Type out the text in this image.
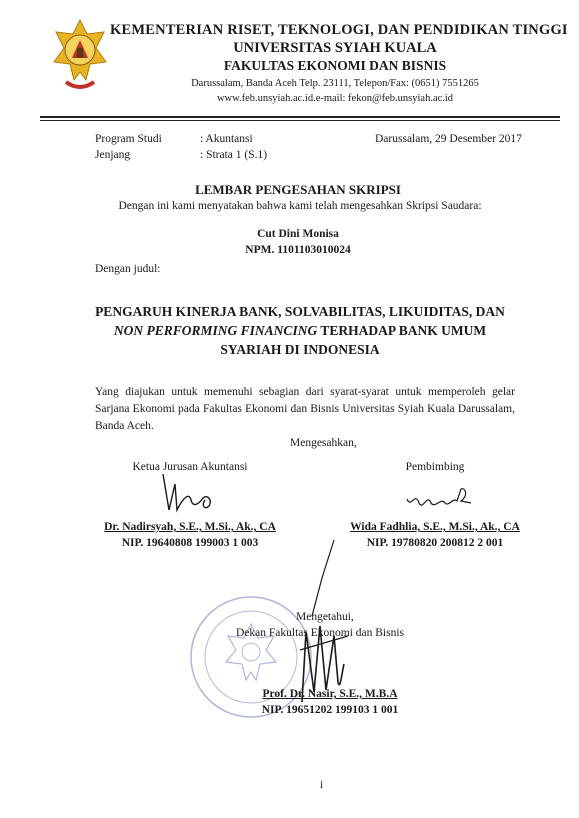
KEMENTERIAN RISET, TEKNOLOGI, DAN PENDIDIKAN TINGGI
UNIVERSITAS SYIAH KUALA
FAKULTAS EKONOMI DAN BISNIS
Darussalam, Banda Aceh Telp. 23111, Telepon/Fax: (0651) 7551265
www.feb.unsyiah.ac.id.e-mail: fekon@feb.unsyiah.ac.id
Program Studi	: Akuntansi
Jenjang	: Strata 1 (S.1)
Darussalam, 29 Desember 2017
LEMBAR PENGESAHAN SKRIPSI
Dengan ini kami menyatakan bahwa kami telah mengesahkan Skripsi Saudara:
Cut Dini Monisa
NPM. 1101103010024
Dengan judul:
PENGARUH KINERJA BANK, SOLVABILITAS, LIKUIDITAS, DAN NON PERFORMING FINANCING TERHADAP BANK UMUM SYARIAH DI INDONESIA
Yang diajukan untuk memenuhi sebagian dari syarat-syarat untuk memperoleh gelar Sarjana Ekonomi pada Fakultas Ekonomi dan Bisnis Universitas Syiah Kuala Darussalam, Banda Aceh.
Mengesahkan,
Ketua Jurusan Akuntansi
Dr. Nadirsyah, S.E., M.Si., Ak., CA
NIP. 19640808 199003 1 003
Pembimbing
Wida Fadhlia, S.E., M.Si., Ak., CA
NIP. 19780820 200812 2 001
Mengetahui,
Dekan Fakultas Ekonomi dan Bisnis
Prof. Dr. Nasir, S.E., M.B.A
NIP. 19651202 199103 1 001
i
